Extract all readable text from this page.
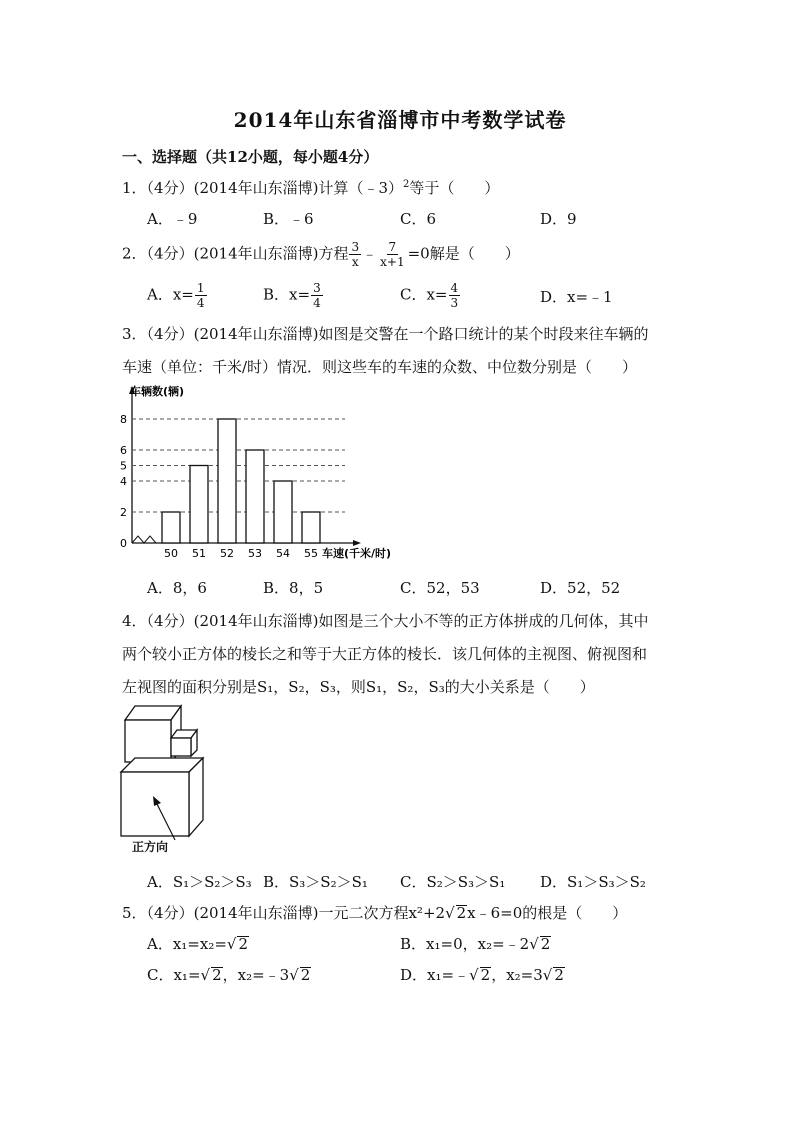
2014年山东省淄博市中考数学试卷
一、选择题（共12小题，每小题4分）
1．（4分）(2014年山东淄博)计算（﹣3）$^2$等于（　　）
A．﹣9	B．﹣6	C．6	D．9
2．（4分）(2014年山东淄博)方程 $\frac{3}{x}$ ﹣ $\frac{7}{x+1} =0$解是（　　）
A．$x= \frac{1}{4}$	B．$x= \frac{3}{4}$	C．$x= \frac{4}{3}$	D．x=﹣1
3．（4分）(2014年山东淄博)如图是交警在一个路口统计的某个时段来往车辆的
车速（单位：千米/时）情况．则这些车的车速的众数、中位数分别是（　　）
0
2
4
5
6
8
50 51 52 53 54 55
车辆数(辆)
车速(千米/时)
A．8，6	B．8，5	C．52，53	D．52，52
4．（4分）(2014年山东淄博)如图是三个大小不等的正方体拼成的几何体，其中
两个较小正方体的棱长之和等于大正方体的棱长．该几何体的主视图、俯视图和
左视图的面积分别是S₁，S₂，S₃，则S₁，S₂，S₃的大小关系是（　　）
正方向
A．S₁＞S₂＞S₃ B．S₃＞S₂＞S₁ C．S₂＞S₃＞S₁ D．S₁＞S₃＞S₂
5．（4分）(2014年山东淄博)一元二次方程x²+2√ 2x﹣6=0的根是（　　）
A．x₁=x₂=√ 2	B．x₁=0，x₂=﹣2√ 2
C．x₁=√ 2，x₂=﹣3√ 2	D．x₁=﹣√ 2，x₂=3√ 2
